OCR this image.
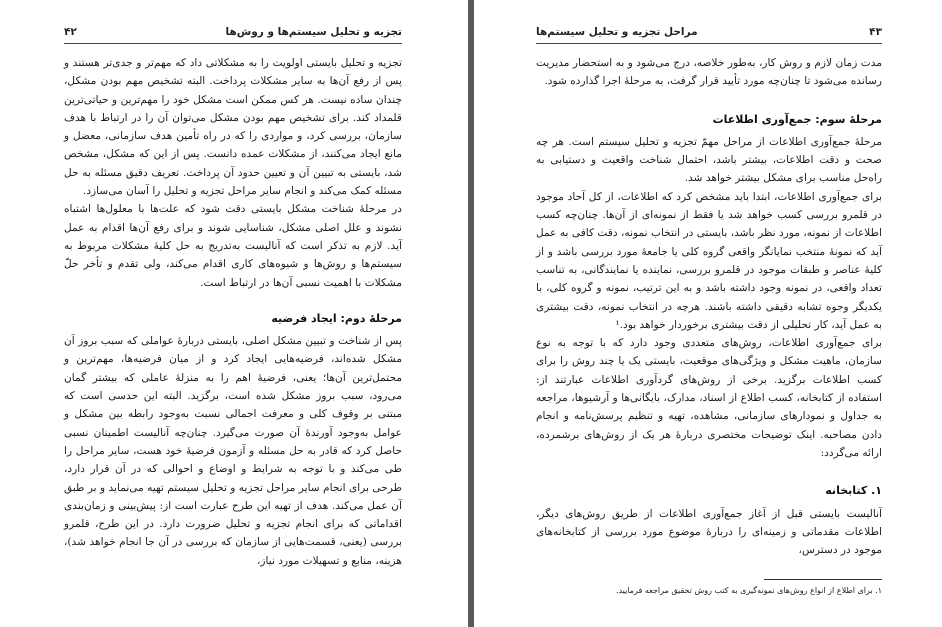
۴۲	تجزیه و تحلیل سیستم‌ها و روش‌ها

تجزیه و تحلیل بایستی اولویت را به مشکلاتی داد که مهم‌تر و جدی‌تر هستند و پس از رفع آن‌ها به سایر مشکلات پرداخت. البته تشخیص مهم بودن مشکل، چندان ساده نیست. هر کس ممکن است مشکل خود را مهم‌ترین و حیاتی‌ترین قلمداد کند. برای تشخیص مهم بودن مشکل می‌توان آن را در ارتباط با هدف سازمان، بررسی کرد، و مواردی را که در راه تأمین هدف سازمانی، معضل و مانع ایجاد می‌کنند، از مشکلات عمده دانست. پس از این که مشکل، مشخص شد، بایستی به تبیین آن و تعیین حدود آن پرداخت. تعریف دقیق مسئله به حل مسئله کمک می‌کند و انجام سایر مراحل تجزیه و تحلیل را آسان می‌سازد.

در مرحلهٔ شناخت مشکل بایستی دقت شود که علت‌ها با معلول‌ها اشتباه نشوند و علل اصلی مشکل، شناسایی شوند و برای رفع آن‌ها اقدام به عمل آید. لازم به تذکر است که آنالیست به‌تدریج به حل کلیهٔ مشکلات مربوط به سیستم‌ها و روش‌ها و شیوه‌های کاری اقدام می‌کند، ولی تقدم و تأخر حلّ مشکلات با اهمیت نسبی آن‌ها در ارتباط است.

مرحلهٔ دوم: ایجاد فرضیه

پس از شناخت و تبیین مشکل اصلی، بایستی دربارهٔ عواملی که سبب بروز آن مشکل شده‌اند، فرضیه‌هایی ایجاد کرد و از میان فرضیه‌ها، مهم‌ترین و محتمل‌ترین آن‌ها؛ یعنی، فرضیهٔ اهم را به منزلهٔ عاملی که بیشتر گمان می‌رود، سبب بروز مشکل شده است، برگزید. البته این حدسی است که مبتنی بر وقوف کلی و معرفت اجمالی نسبت به‌وجود رابطه بین مشکل و عوامل به‌وجود آورندهٔ آن صورت می‌گیرد. چنان‌چه آنالیست اطمینان نسبی حاصل کرد که قادر به حل مسئله و آزمون فرضیهٔ خود هست، سایر مراحل را طی می‌کند و با توجه به شرایط و اوضاع و احوالی که در آن قرار دارد، طرحی برای انجام سایر مراحل تجزیه و تحلیل سیستم تهیه می‌نماید و بر طبق آن عمل می‌کند. هدف از تهیه این طرح عبارت است از: پیش‌بینی و زمان‌بندی اقداماتی که برای انجام تجزیه و تحلیل ضرورت دارد. در این طرح، قلمرو بررسی (یعنی، قسمت‌هایی از سازمان که بررسی در آن جا انجام خواهد شد)، هزینه، منابع و تسهیلات مورد نیاز،

مراحل تجزیه و تحلیل سیستم‌ها	۴۳

مدت زمان لازم و روش کار، به‌طور خلاصه، درج می‌شود و به استحضار مدیریت رسانده می‌شود تا چنان‌چه مورد تأیید قرار گرفت، به مرحلهٔ اجرا گذارده شود.

مرحلهٔ سوم: جمع‌آوری اطلاعات

مرحلهٔ جمع‌آوری اطلاعات از مراحل مهمّ تجزیه و تحلیل سیستم است. هر چه صحت و دقت اطلاعات، بیشتر باشد، احتمال شناخت واقعیت و دستیابی به راه‌حل مناسب برای مشکل بیشتر خواهد شد.

برای جمع‌آوری اطلاعات، ابتدا باید مشخص کرد که اطلاعات، از کل آحاد موجود در قلمرو بررسی کسب خواهد شد یا فقط از نمونه‌ای از آن‌ها. چنان‌چه کسب اطلاعات از نمونه، مورد نظر باشد، بایستی در انتخاب نمونه، دقت کافی به عمل آید که نمونهٔ منتخب نمایانگر واقعی گروه کلی یا جامعهٔ مورد بررسی باشد و از کلیهٔ عناصر و طبقات موجود در قلمرو بررسی، نماینده یا نمایندگانی، به تناسب تعداد واقعی، در نمونه وجود داشته باشد و به این ترتیب، نمونه و گروه کلی، با یکدیگر وجوه تشابه دقیقی داشته باشند. هرچه در انتخاب نمونه، دقت بیشتری به عمل آید، کار تحلیلی از دقت بیشتری برخوردار خواهد بود.¹

برای جمع‌آوری اطلاعات، روش‌های متعددی وجود دارد که با توجه به نوع سازمان، ماهیت مشکل و ویژگی‌های موقعیت، بایستی یک یا چند روش را برای کسب اطلاعات برگزید. برخی از روش‌های گردآوری اطلاعات عبارتند از: استفاده از کتابخانه، کسب اطلاع از اسناد، مدارک، بایگانی‌ها و آرشیوها، مراجعه به جداول و نمودارهای سازمانی، مشاهده، تهیه و تنظیم پرسش‌نامه و انجام دادن مصاحبه. اینک توضیحات مختصری دربارهٔ هر یک از روش‌های برشمرده، ارائه می‌گردد:

۱. کتابخانه

آنالیست بایستی قبل از آغاز جمع‌آوری اطلاعات از طریق روش‌های دیگر، اطلاعات مقدماتی و زمینه‌ای را دربارهٔ موضوع مورد بررسی از کتابخانه‌های موجود در دسترس،

۱. برای اطلاع از انواع روش‌های نمونه‌گیری به کتب روش تحقیق مراجعه فرمایید.
